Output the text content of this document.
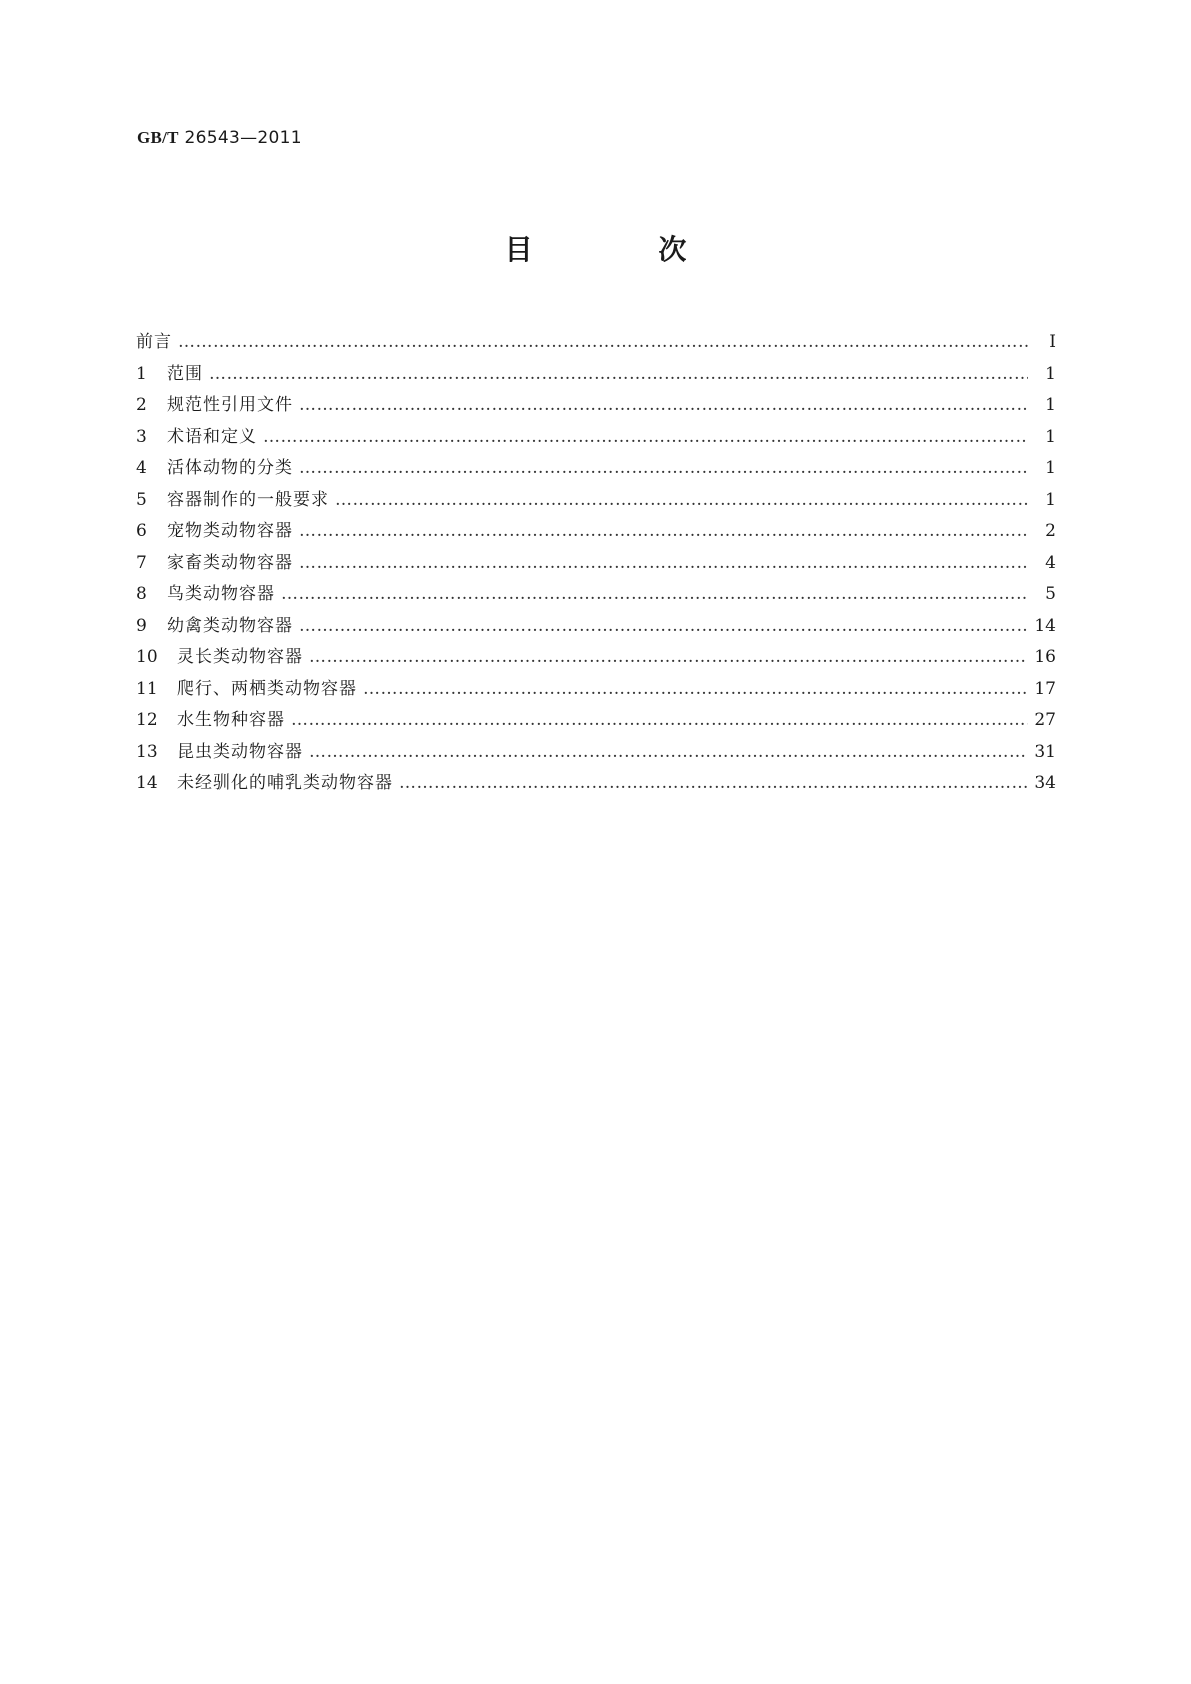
GB/T 26543—2011
目 次
前言 ……………………………………………………………………………………………………………………………………………………………………………………………………………………………………………	Ⅰ
1	范围 ……………………………………………………………………………………………………………………………………………………………………………………………………………………………………………	1
2	规范性引用文件 ……………………………………………………………………………………………………………………………………………………………………………………………………………………………………………	1
3	术语和定义 ……………………………………………………………………………………………………………………………………………………………………………………………………………………………………………	1
4	活体动物的分类 ……………………………………………………………………………………………………………………………………………………………………………………………………………………………………………	1
5	容器制作的一般要求 ……………………………………………………………………………………………………………………………………………………………………………………………………………………………………………	1
6	宠物类动物容器 ……………………………………………………………………………………………………………………………………………………………………………………………………………………………………………	2
7	家畜类动物容器 ……………………………………………………………………………………………………………………………………………………………………………………………………………………………………………	4
8	鸟类动物容器 ……………………………………………………………………………………………………………………………………………………………………………………………………………………………………………	5
9	幼禽类动物容器 ……………………………………………………………………………………………………………………………………………………………………………………………………………………………………………	14
10	灵长类动物容器 ……………………………………………………………………………………………………………………………………………………………………………………………………………………………………………	16
11	爬行、两栖类动物容器 ……………………………………………………………………………………………………………………………………………………………………………………………………………………………………………	17
12	水生物种容器 ……………………………………………………………………………………………………………………………………………………………………………………………………………………………………………	27
13	昆虫类动物容器 ……………………………………………………………………………………………………………………………………………………………………………………………………………………………………………	31
14	未经驯化的哺乳类动物容器 ……………………………………………………………………………………………………………………………………………………………………………………………………………………………………………	34
